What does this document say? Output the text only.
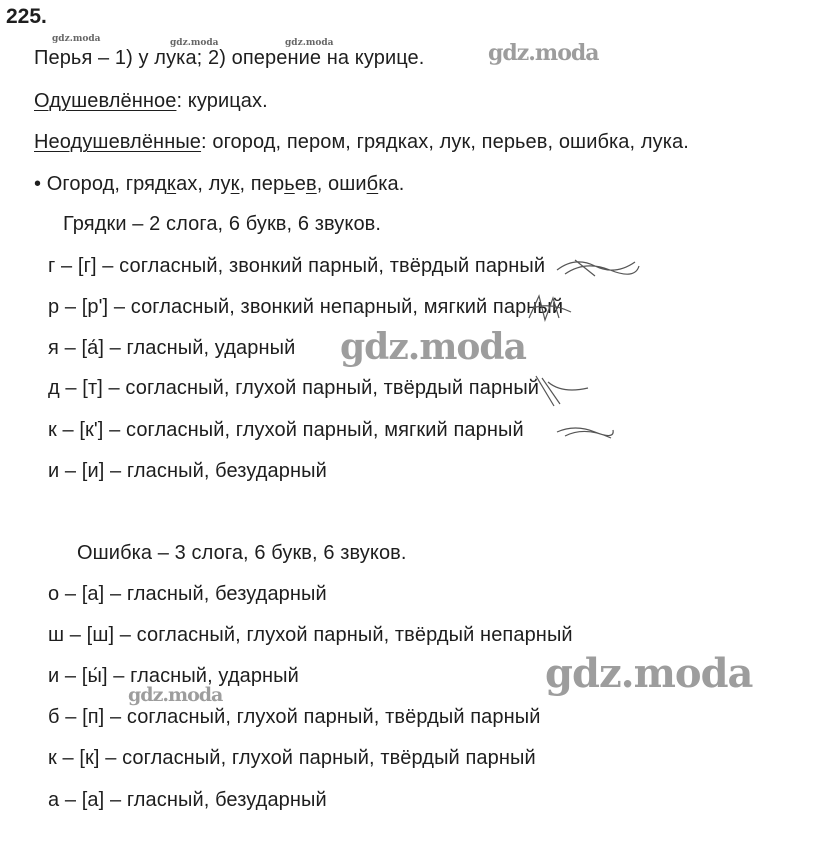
225.
gdz.moda	gdz.moda	gdz.moda
Перья – 1) у лука; 2) оперение на курице.	gdz.moda
Одушевлённое: курицах.
Неодушевлённые: огород, пером, грядках, лук, перьев, ошибка, лука.
• Огород, грядках, лук, перьев, ошибка.
Грядки – 2 слога, 6 букв, 6 звуков.
г – [г] – согласный, звонкий парный, твёрдый парный
р – [р'] – согласный, звонкий непарный, мягкий парный
я – [а́] – гласный, ударный
д – [т] – согласный, глухой парный, твёрдый парный
к – [к'] – согласный, глухой парный, мягкий парный
и – [и] – гласный, безударный
gdz.moda
Ошибка – 3 слога, 6 букв, 6 звуков.
о – [а] – гласный, безударный
ш – [ш] – согласный, глухой парный, твёрдый непарный
и – [ы́] – гласный, ударный
б – [п] – согласный, глухой парный, твёрдый парный
к – [к] – согласный, глухой парный, твёрдый парный
а – [а] – гласный, безударный
gdz.moda
gdz.moda
